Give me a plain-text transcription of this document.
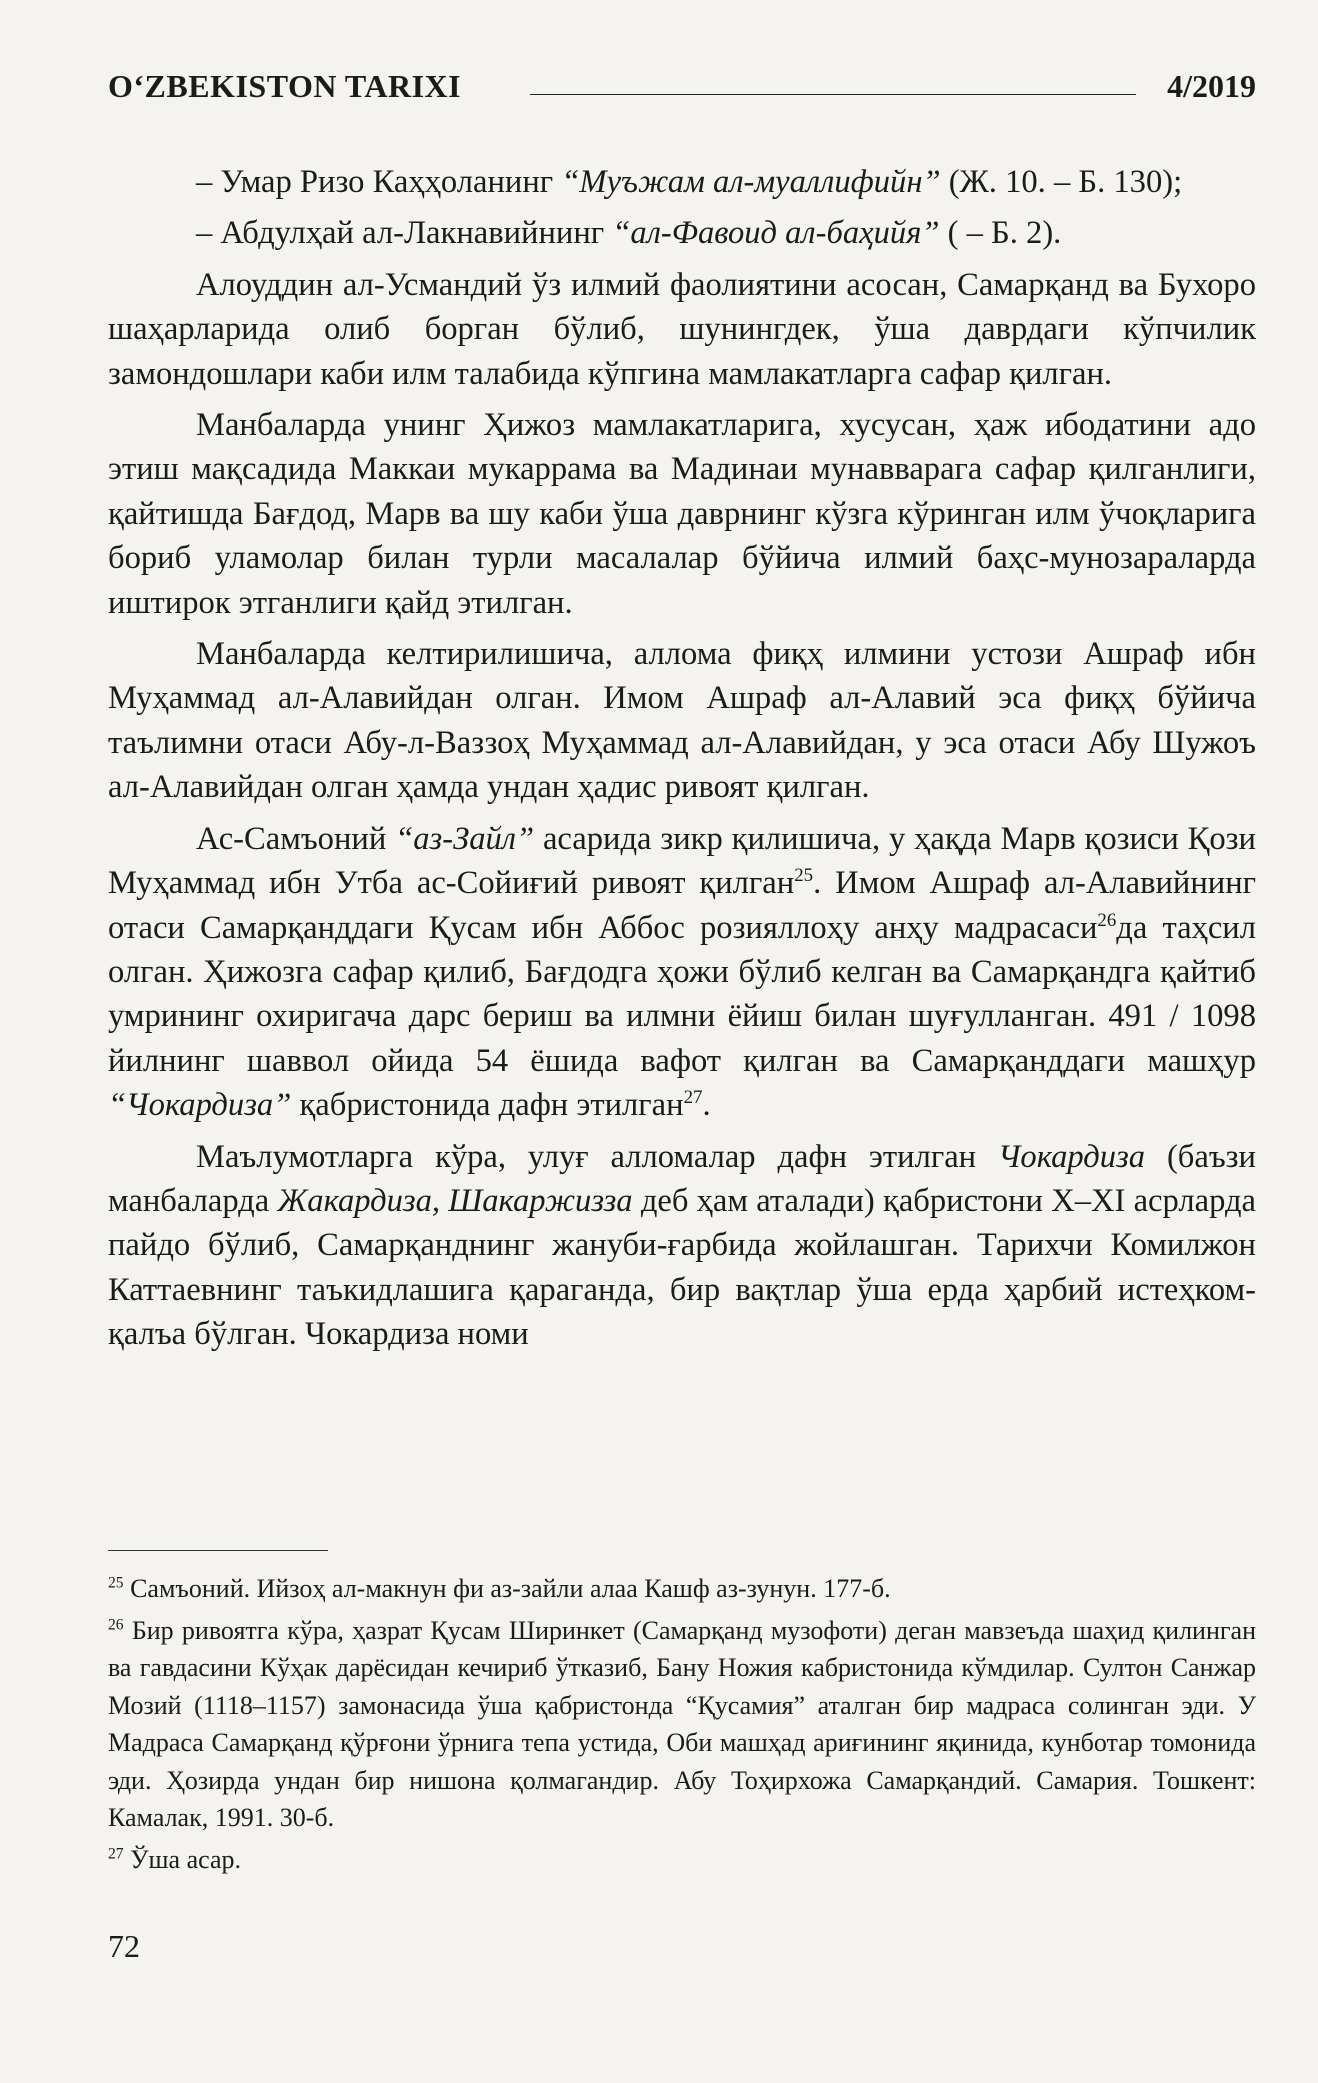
O‘ZBEKISTON TARIXI	4/2019

– Умар Ризо Каҳҳоланинг “Муъжам ал-муаллифийн” (Ж. 10. – Б. 130);

– Абдулҳай ал-Лакнавийнинг “ал-Фавоид ал-баҳийя” ( – Б. 2).

Алоуддин ал-Усмандий ўз илмий фаолиятини асосан, Самарқанд ва Бухоро шаҳарларида олиб борган бўлиб, шунингдек, ўша даврдаги кўпчилик замондошлари каби илм талабида кўпгина мамлакатларга сафар қилган.

Манбаларда унинг Ҳижоз мамлакатларига, хусусан, ҳаж ибодатини адо этиш мақсадида Маккаи мукаррама ва Мадинаи мунавварага сафар қилганлиги, қайтишда Бағдод, Марв ва шу каби ўша даврнинг кўзга кўринган илм ўчоқларига бориб уламолар билан турли масалалар бўйича илмий баҳс-мунозараларда иштирок этганлиги қайд этилган.

Манбаларда келтирилишича, аллома фиқҳ илмини устози Ашраф ибн Муҳаммад ал-Алавийдан олган. Имом Ашраф ал-Алавий эса фиқҳ бўйича таълимни отаси Абу-л-Ваззоҳ Муҳаммад ал-Алавийдан, у эса отаси Абу Шужоъ ал-Алавийдан олган ҳамда ундан ҳадис ривоят қилган.

Ас-Самъоний “аз-Зайл” асарида зикр қилишича, у ҳақда Марв қозиси Қози Муҳаммад ибн Утба ас-Сойиғий ривоят қилган$^{25}$. Имом Ашраф ал-Алавийнинг отаси Самарқанддаги Қусам ибн Аббос розияллоҳу анҳу мадрасаси$^{26}$да таҳсил олган. Ҳижозга сафар қилиб, Бағдодга ҳожи бўлиб келган ва Самарқандга қайтиб умрининг охиригача дарс бериш ва илмни ёйиш билан шуғулланган. 491 / 1098 йилнинг шаввол ойида 54 ёшида вафот қилган ва Самарқанддаги машҳур “Чокардиза” қабристонида дафн этилган$^{27}$.

Маълумотларга кўра, улуғ алломалар дафн этилган Чокардиза (баъзи манбаларда Жакардиза, Шакаржизза деб ҳам аталади) қабристони X–XI асрларда пайдо бўлиб, Самарқанднинг жануби-ғарбида жойлашган. Тарихчи Комилжон Каттаевнинг таъкидлашига қараганда, бир вақтлар ўша ерда ҳарбий истеҳком-қалъа бўлган. Чокардиза номи

$^{25}$ Самъоний. Ийзоҳ ал-макнун фи аз-зайли алаа Кашф аз-зунун. 177-б.

$^{26}$ Бир ривоятга кўра, ҳазрат Қусам Ширинкет (Самарқанд музофоти) деган мавзеъда шаҳид қилинган ва гавдасини Кўҳак дарёсидан кечириб ўтказиб, Бану Ножия кабристонида кўмдилар. Султон Санжар Мозий (1118–1157) замонасида ўша қабристонда “Қусамия” аталган бир мадраса солинган эди. У Мадраса Самарқанд қўрғони ўрнига тепа устида, Оби машҳад ариғининг яқинида, кунботар томонида эди. Ҳозирда ундан бир нишона қолмагандир. Абу Тоҳирхожа Самарқандий. Самария. Тошкент: Камалак, 1991. 30-б.

$^{27}$ Ўша асар.

72
